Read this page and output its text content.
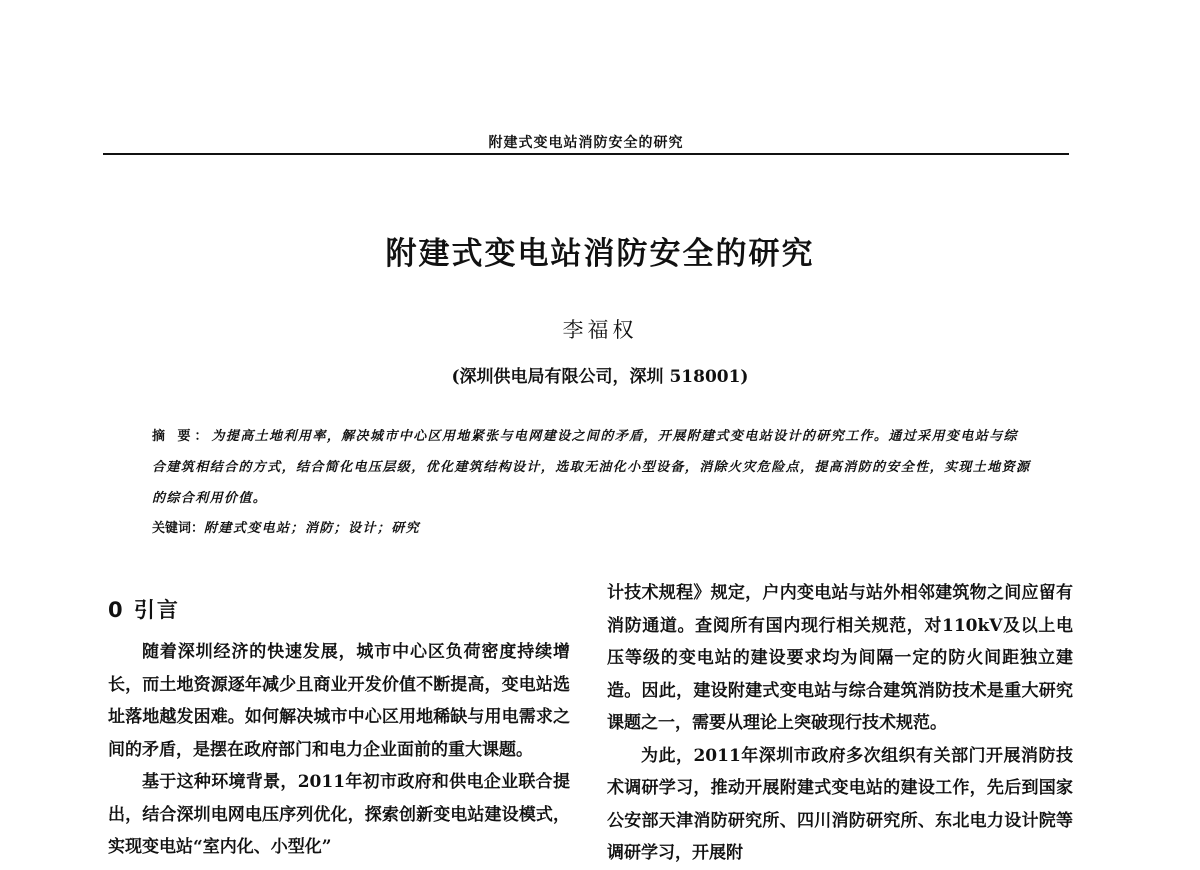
附建式变电站消防安全的研究
附建式变电站消防安全的研究
李福权
(深圳供电局有限公司，深圳 518001)
摘 要：为提高土地利用率，解决城市中心区用地紧张与电网建设之间的矛盾，开展附建式变电站设计的研究工作。通过采用变电站与综合建筑相结合的方式，结合简化电压层级，优化建筑结构设计，选取无油化小型设备，消除火灾危险点，提高消防的安全性，实现土地资源的综合利用价值。
关键词：附建式变电站；消防；设计；研究
0 引言

随着深圳经济的快速发展，城市中心区负荷密度持续增长，而土地资源逐年减少且商业开发价值不断提高，变电站选址落地越发困难。如何解决城市中心区用地稀缺与用电需求之间的矛盾，是摆在政府部门和电力企业面前的重大课题。

基于这种环境背景，2011年初市政府和供电企业联合提出，结合深圳电网电压序列优化，探索创新变电站建设模式，实现变电站“室内化、小型化”

计技术规程》规定，户内变电站与站外相邻建筑物之间应留有消防通道。查阅所有国内现行相关规范，对110kV及以上电压等级的变电站的建设要求均为间隔一定的防火间距独立建造。因此，建设附建式变电站与综合建筑消防技术是重大研究课题之一，需要从理论上突破现行技术规范。

为此，2011年深圳市政府多次组织有关部门开展消防技术调研学习，推动开展附建式变电站的建设工作，先后到国家公安部天津消防研究所、四川消防研究所、东北电力设计院等调研学习，开展附
